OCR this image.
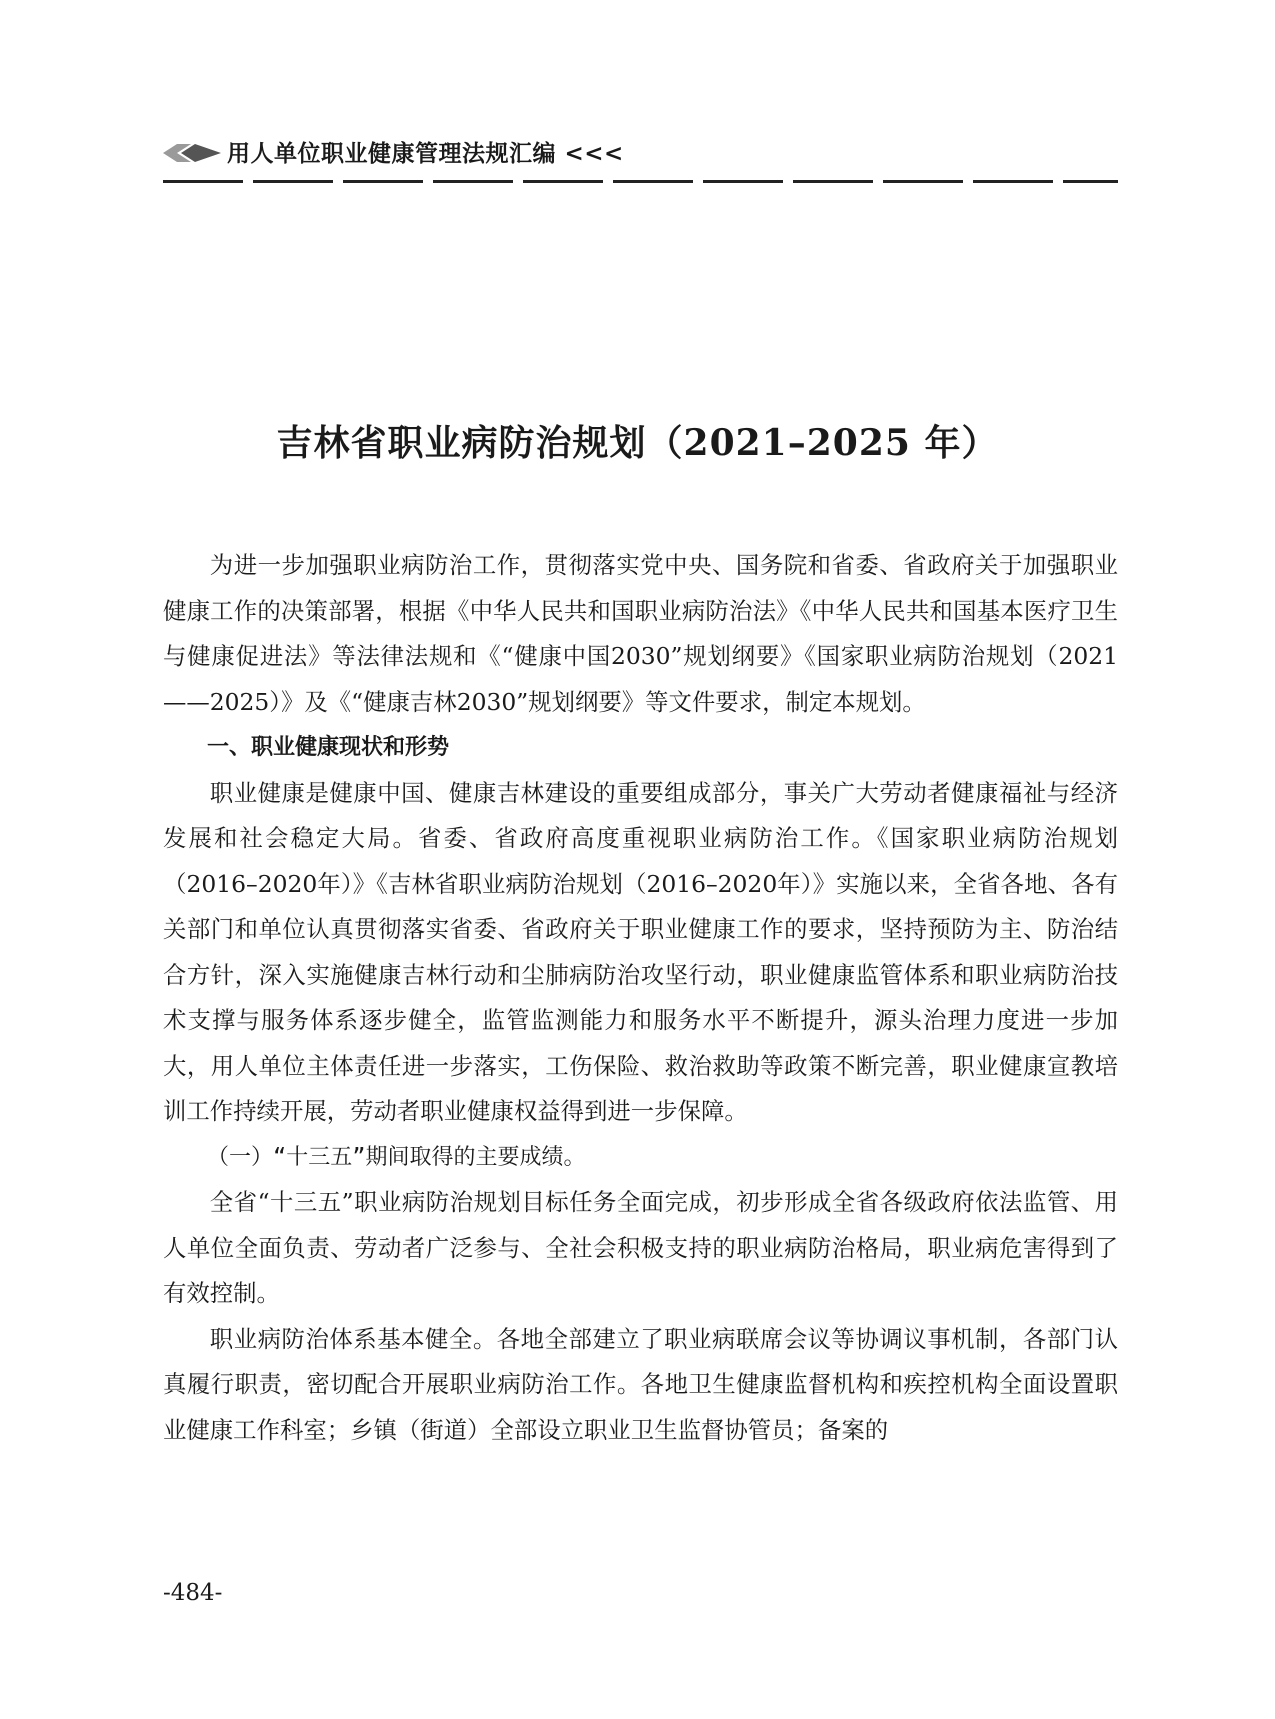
用人单位职业健康管理法规汇编 <<<
吉林省职业病防治规划（2021–2025 年）

为进一步加强职业病防治工作，贯彻落实党中央、国务院和省委、省政府关于加强职业健康工作的决策部署，根据《中华人民共和国职业病防治法》《中华人民共和国基本医疗卫生与健康促进法》等法律法规和《“健康中国2030”规划纲要》《国家职业病防治规划（2021——2025）》及《“健康吉林2030”规划纲要》等文件要求，制定本规划。

一、职业健康现状和形势

职业健康是健康中国、健康吉林建设的重要组成部分，事关广大劳动者健康福祉与经济发展和社会稳定大局。省委、省政府高度重视职业病防治工作。《国家职业病防治规划（2016–2020年）》《吉林省职业病防治规划（2016–2020年）》实施以来，全省各地、各有关部门和单位认真贯彻落实省委、省政府关于职业健康工作的要求，坚持预防为主、防治结合方针，深入实施健康吉林行动和尘肺病防治攻坚行动，职业健康监管体系和职业病防治技术支撑与服务体系逐步健全，监管监测能力和服务水平不断提升，源头治理力度进一步加大，用人单位主体责任进一步落实，工伤保险、救治救助等政策不断完善，职业健康宣教培训工作持续开展，劳动者职业健康权益得到进一步保障。

（一）“十三五”期间取得的主要成绩。

全省“十三五”职业病防治规划目标任务全面完成，初步形成全省各级政府依法监管、用人单位全面负责、劳动者广泛参与、全社会积极支持的职业病防治格局，职业病危害得到了有效控制。

职业病防治体系基本健全。各地全部建立了职业病联席会议等协调议事机制，各部门认真履行职责，密切配合开展职业病防治工作。各地卫生健康监督机构和疾控机构全面设置职业健康工作科室；乡镇（街道）全部设立职业卫生监督协管员；备案的

-484-
